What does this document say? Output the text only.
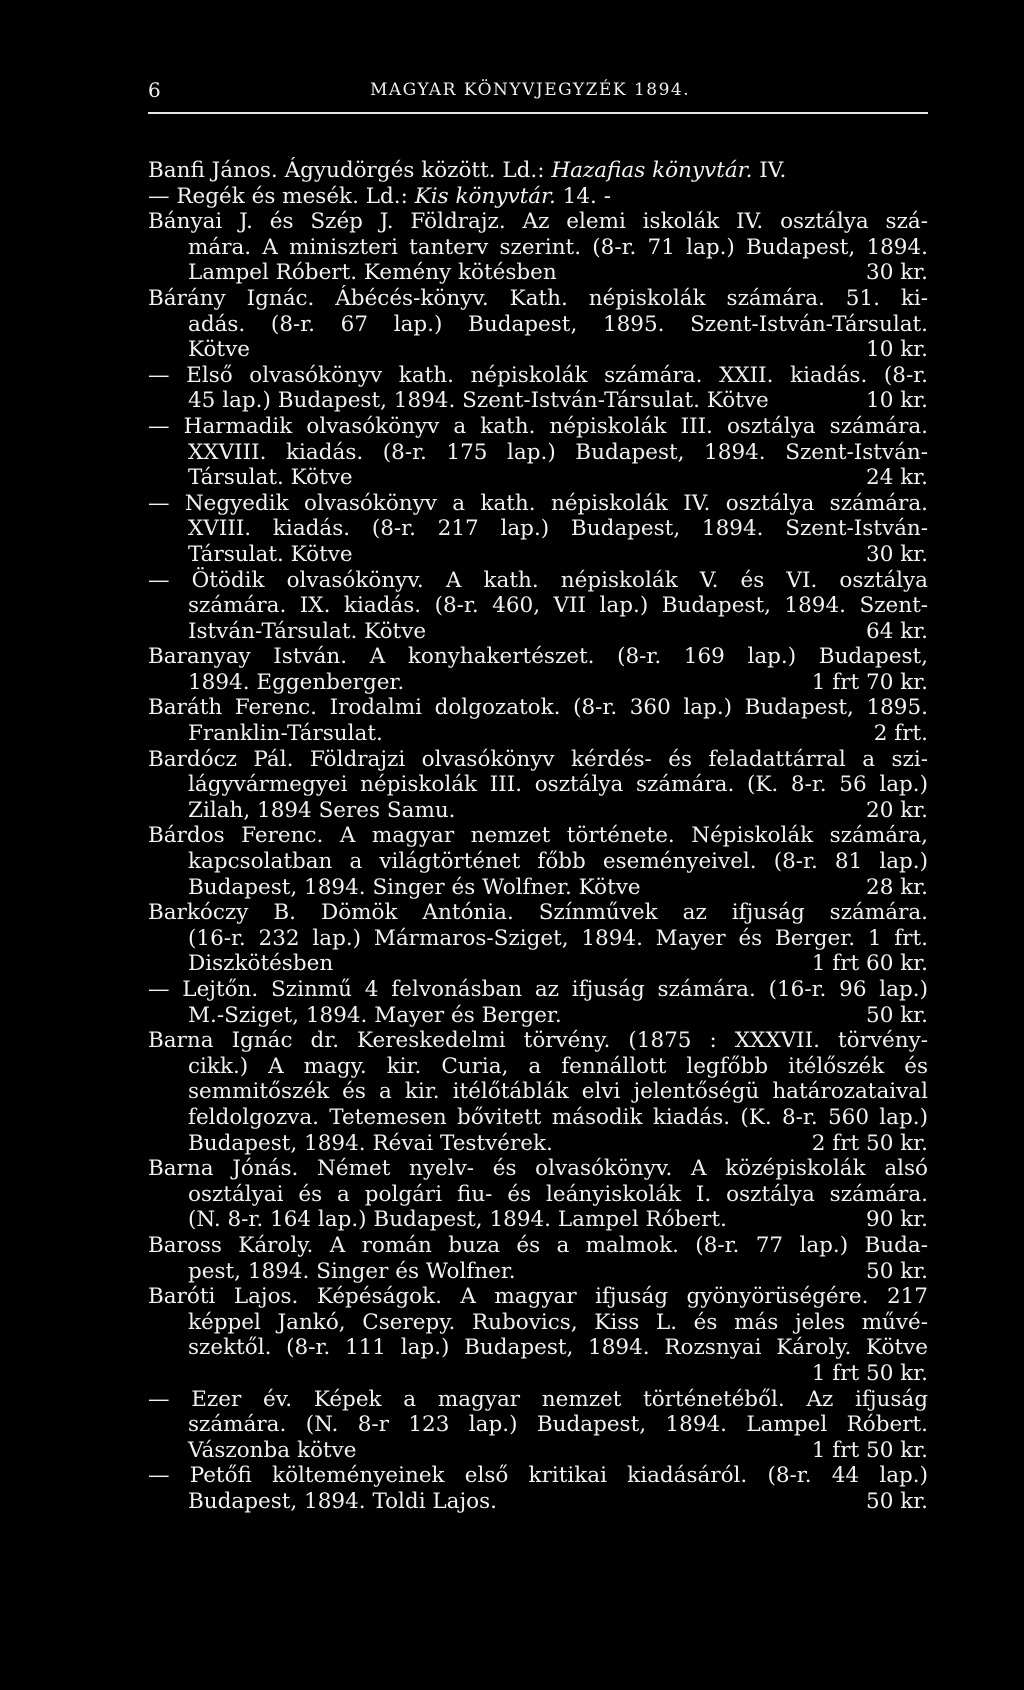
6	MAGYAR KÖNYVJEGYZÉK 1894.
Banfi János. Ágyudörgés között. Ld.: Hazafias könyvtár. IV.
— Regék és mesék. Ld.: Kis könyvtár. 14. -
Bányai J. és Szép J. Földrajz. Az elemi iskolák IV. osztálya szá-
mára. A miniszteri tanterv szerint. (8-r. 71 lap.) Budapest, 1894.
Lampel Róbert. Kemény kötésben	30 kr.
Bárány Ignác. Ábécés-könyv. Kath. népiskolák számára. 51. ki-
adás. (8-r. 67 lap.) Budapest, 1895. Szent-István-Társulat.
Kötve	10 kr.
— Első olvasókönyv kath. népiskolák számára. XXII. kiadás. (8-r.
45 lap.) Budapest, 1894. Szent-István-Társulat. Kötve	10 kr.
— Harmadik olvasókönyv a kath. népiskolák III. osztálya számára.
XXVIII. kiadás. (8-r. 175 lap.) Budapest, 1894. Szent-István-
Társulat. Kötve	24 kr.
— Negyedik olvasókönyv a kath. népiskolák IV. osztálya számára.
XVIII. kiadás. (8-r. 217 lap.) Budapest, 1894. Szent-István-
Társulat. Kötve	30 kr.
— Ötödik olvasókönyv. A kath. népiskolák V. és VI. osztálya
számára. IX. kiadás. (8-r. 460, VII lap.) Budapest, 1894. Szent-
István-Társulat. Kötve	64 kr.
Baranyay István. A konyhakertészet. (8-r. 169 lap.) Budapest,
1894. Eggenberger.	1 frt 70 kr.
Baráth Ferenc. Irodalmi dolgozatok. (8-r. 360 lap.) Budapest, 1895.
Franklin-Társulat.	2 frt.
Bardócz Pál. Földrajzi olvasókönyv kérdés- és feladattárral a szi-
lágyvármegyei népiskolák III. osztálya számára. (K. 8-r. 56 lap.)
Zilah, 1894 Seres Samu.	20 kr.
Bárdos Ferenc. A magyar nemzet története. Népiskolák számára,
kapcsolatban a világtörténet főbb eseményeivel. (8-r. 81 lap.)
Budapest, 1894. Singer és Wolfner. Kötve	28 kr.
Barkóczy B. Dömök Antónia. Színművek az ifjuság számára.
(16-r. 232 lap.) Mármaros-Sziget, 1894. Mayer és Berger. 1 frt.
Diszkötésben	1 frt 60 kr.
— Lejtőn. Szinmű 4 felvonásban az ifjuság számára. (16-r. 96 lap.)
M.-Sziget, 1894. Mayer és Berger.	50 kr.
Barna Ignác dr. Kereskedelmi törvény. (1875 : XXXVII. törvény-
cikk.) A magy. kir. Curia, a fennállott legfőbb itélőszék és
semmitőszék és a kir. itélőtáblák elvi jelentőségü határozataival
feldolgozva. Tetemesen bővitett második kiadás. (K. 8-r. 560 lap.)
Budapest, 1894. Révai Testvérek.	2 frt 50 kr.
Barna Jónás. Német nyelv- és olvasókönyv. A középiskolák alsó
osztályai és a polgári fiu- és leányiskolák I. osztálya számára.
(N. 8-r. 164 lap.) Budapest, 1894. Lampel Róbert.	90 kr.
Baross Károly. A román buza és a malmok. (8-r. 77 lap.) Buda-
pest, 1894. Singer és Wolfner.	50 kr.
Baróti Lajos. Képéságok. A magyar ifjuság gyönyörüségére. 217
képpel Jankó, Cserepy. Rubovics, Kiss L. és más jeles művé-
szektől. (8-r. 111 lap.) Budapest, 1894. Rozsnyai Károly. Kötve
1 frt 50 kr.
— Ezer év. Képek a magyar nemzet történetéből. Az ifjuság
számára. (N. 8-r 123 lap.) Budapest, 1894. Lampel Róbert.
Vászonba kötve	1 frt 50 kr.
— Petőfi költeményeinek első kritikai kiadásáról. (8-r. 44 lap.)
Budapest, 1894. Toldi Lajos.	50 kr.
